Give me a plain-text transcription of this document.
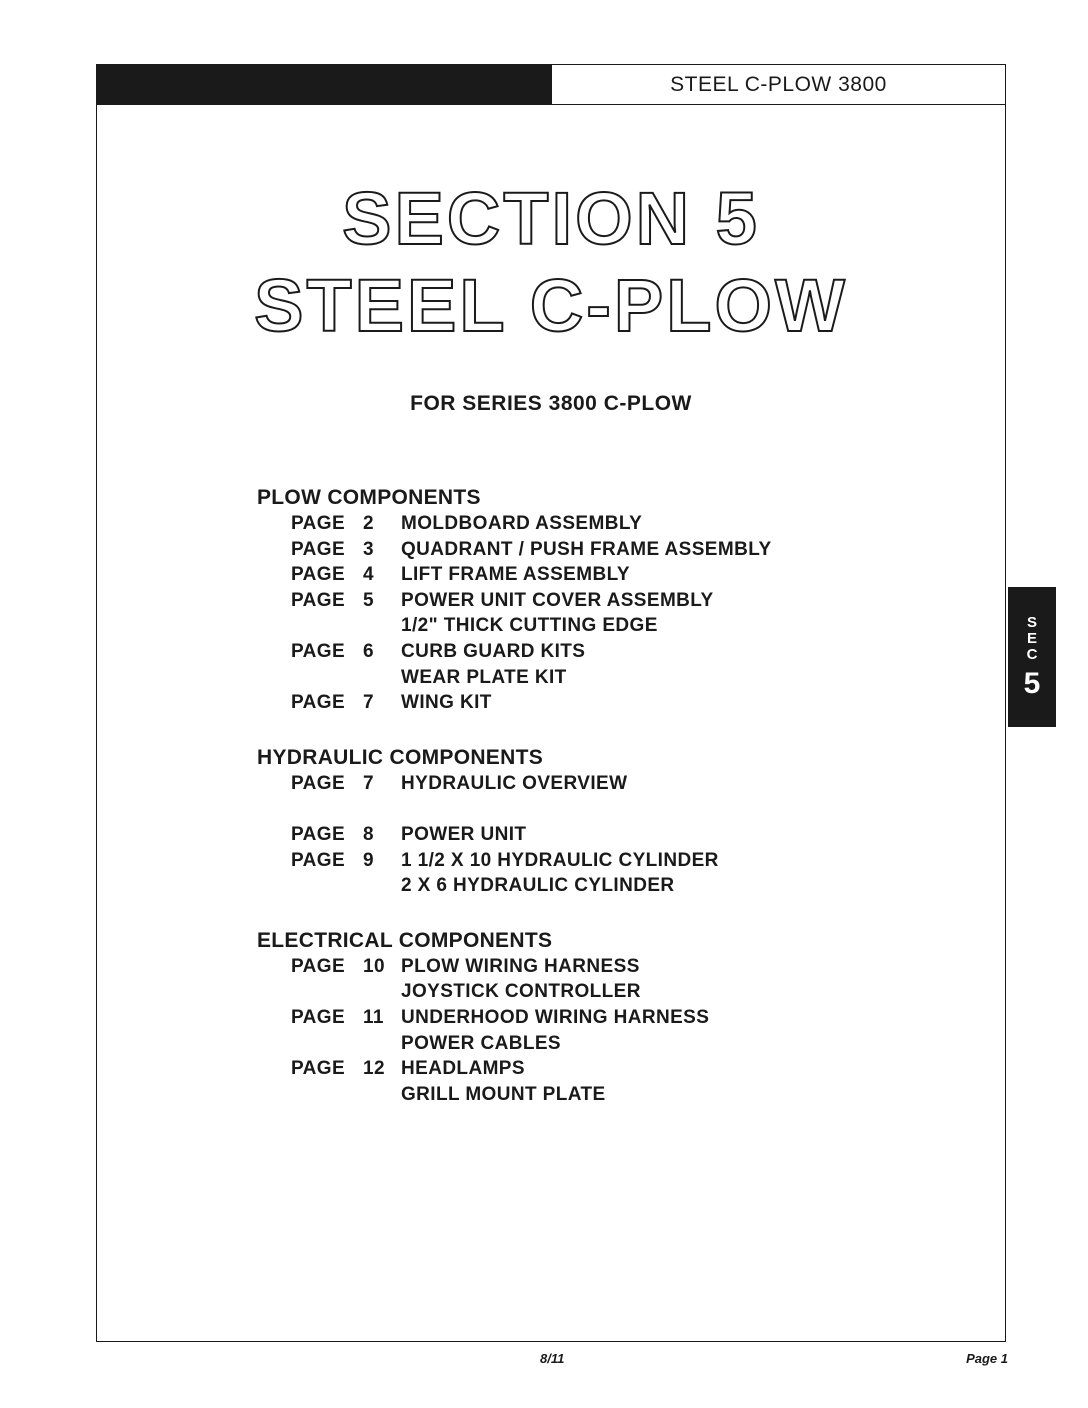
STEEL C-PLOW 3800
SECTION 5
STEEL C-PLOW
FOR SERIES 3800 C-PLOW
PLOW COMPONENTS
PAGE 2 MOLDBOARD ASSEMBLY
PAGE 3 QUADRANT / PUSH FRAME ASSEMBLY
PAGE 4 LIFT FRAME ASSEMBLY
PAGE 5 POWER UNIT COVER ASSEMBLY
1/2" THICK CUTTING EDGE
PAGE 6 CURB GUARD KITS
WEAR PLATE KIT
PAGE 7 WING KIT
HYDRAULIC COMPONENTS
PAGE 7 HYDRAULIC OVERVIEW
PAGE 8 POWER UNIT
PAGE 9 1 1/2 X 10 HYDRAULIC CYLINDER
2 X 6 HYDRAULIC CYLINDER
ELECTRICAL COMPONENTS
PAGE 10 PLOW WIRING HARNESS
JOYSTICK CONTROLLER
PAGE 11 UNDERHOOD WIRING HARNESS
POWER CABLES
PAGE 12 HEADLAMPS
GRILL MOUNT PLATE
S
E
C
5
8/11	Page 1
